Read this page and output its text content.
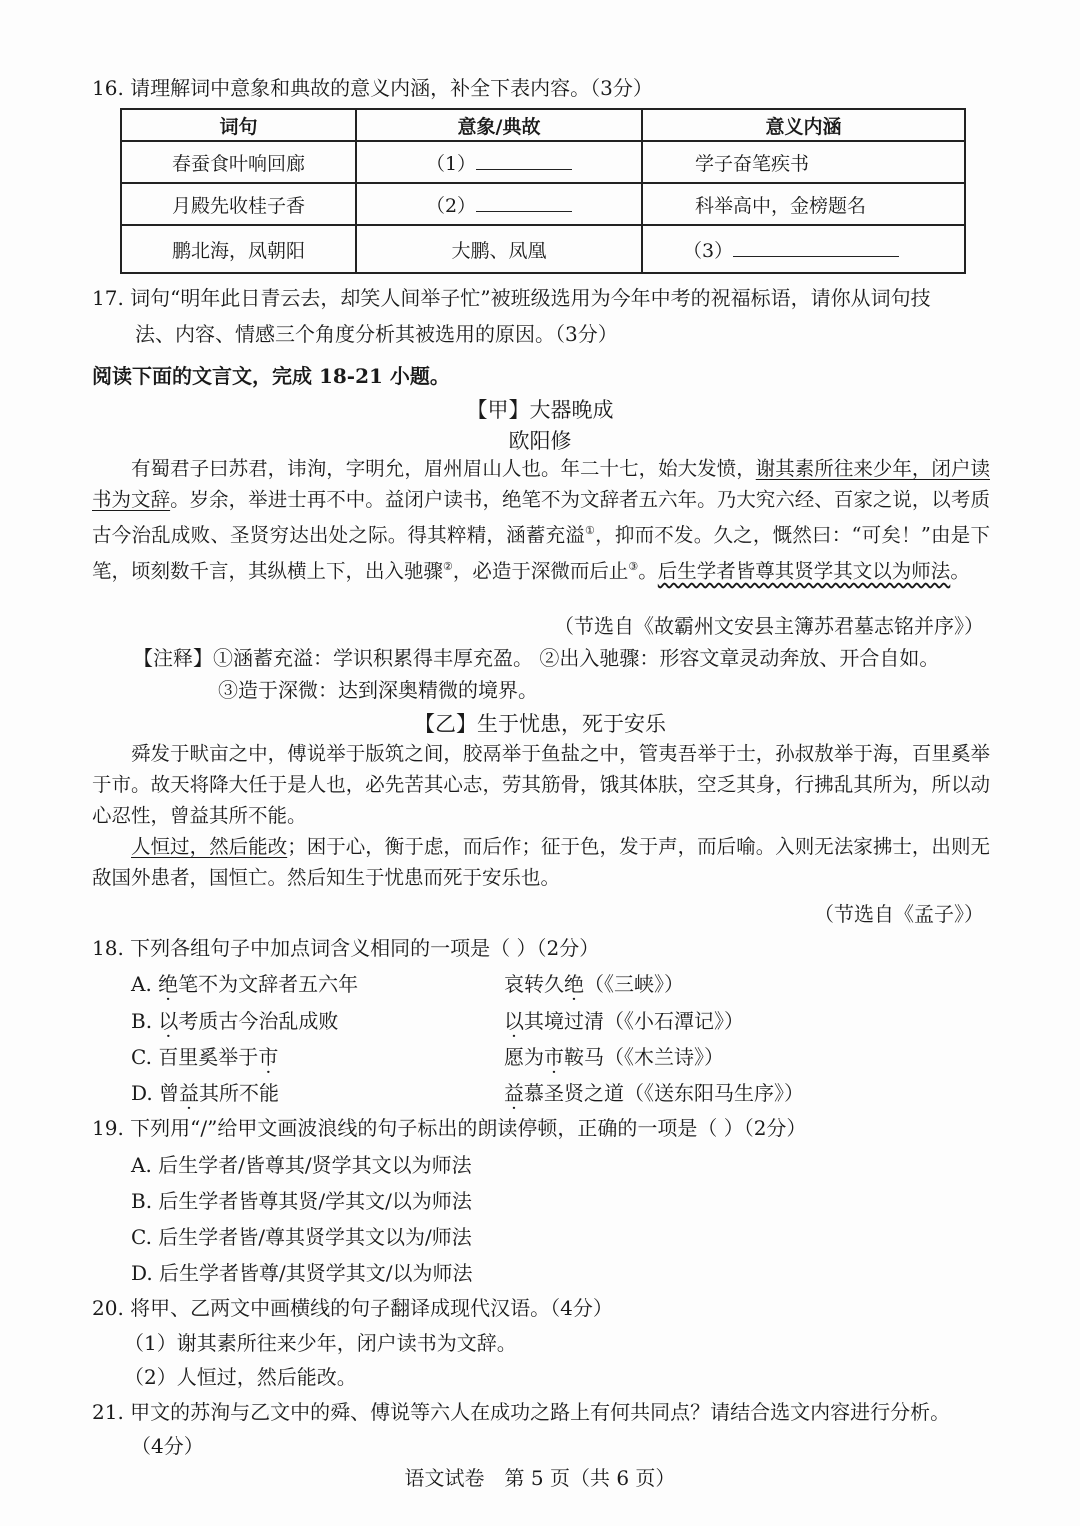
16. 请理解词中意象和典故的意义内涵，补全下表内容。（3分）
词句	意象/典故	意义内涵
春蚕食叶响回廊	（1）	学子奋笔疾书
月殿先收桂子香	（2）	科举高中，金榜题名
鹏北海，凤朝阳	大鹏、凤凰	（3）
17. 词句“明年此日青云去，却笑人间举子忙”被班级选用为今年中考的祝福标语，请你从词句技
法、内容、情感三个角度分析其被选用的原因。（3分）
阅读下面的文言文，完成 18-21 小题。
【甲】大器晚成
欧阳修

有蜀君子曰苏君，讳洵，字明允，眉州眉山人也。年二十七，始大发愤，谢其素所往来少年，闭户读书为文辞。岁余，举进士再不中。益闭户读书，绝笔不为文辞者五六年。乃大究六经、百家之说，以考质古今治乱成败、圣贤穷达出处之际。得其粹精，涵蓄充溢①，抑而不发。久之，慨然曰：“可矣！”由是下笔，顷刻数千言，其纵横上下，出入驰骤②，必造于深微而后止③。后生学者皆尊其贤学其文以为师法。

（节选自《故霸州文安县主簿苏君墓志铭并序》）
【注释】①涵蓄充溢：学识积累得丰厚充盈。 ②出入驰骤：形容文章灵动奔放、开合自如。
③造于深微：达到深奥精微的境界。
【乙】生于忧患，死于安乐

舜发于畎亩之中，傅说举于版筑之间，胶鬲举于鱼盐之中，管夷吾举于士，孙叔敖举于海，百里奚举于市。故天将降大任于是人也，必先苦其心志，劳其筋骨，饿其体肤，空乏其身，行拂乱其所为，所以动心忍性，曾益其所不能。

人恒过，然后能改；困于心，衡于虑，而后作；征于色，发于声，而后喻。入则无法家拂士，出则无敌国外患者，国恒亡。然后知生于忧患而死于安乐也。

（节选自《孟子》）
18. 下列各组句子中加点词含义相同的一项是（ ）（2分）
A. 绝笔不为文辞者五六年	哀转久绝（《三峡》）
B. 以考质古今治乱成败	以其境过清（《小石潭记》）
C. 百里奚举于市	愿为市鞍马（《木兰诗》）
D. 曾益其所不能	益慕圣贤之道（《送东阳马生序》）
19. 下列用“/”给甲文画波浪线的句子标出的朗读停顿，正确的一项是（ ）（2分）
A. 后生学者/皆尊其/贤学其文以为师法
B. 后生学者皆尊其贤/学其文/以为师法
C. 后生学者皆/尊其贤学其文以为/师法
D. 后生学者皆尊/其贤学其文/以为师法
20. 将甲、乙两文中画横线的句子翻译成现代汉语。（4分）
（1）谢其素所往来少年，闭户读书为文辞。
（2）人恒过，然后能改。
21. 甲文的苏洵与乙文中的舜、傅说等六人在成功之路上有何共同点？请结合选文内容进行分析。
（4分）
语文试卷　第 5 页（共 6 页）
